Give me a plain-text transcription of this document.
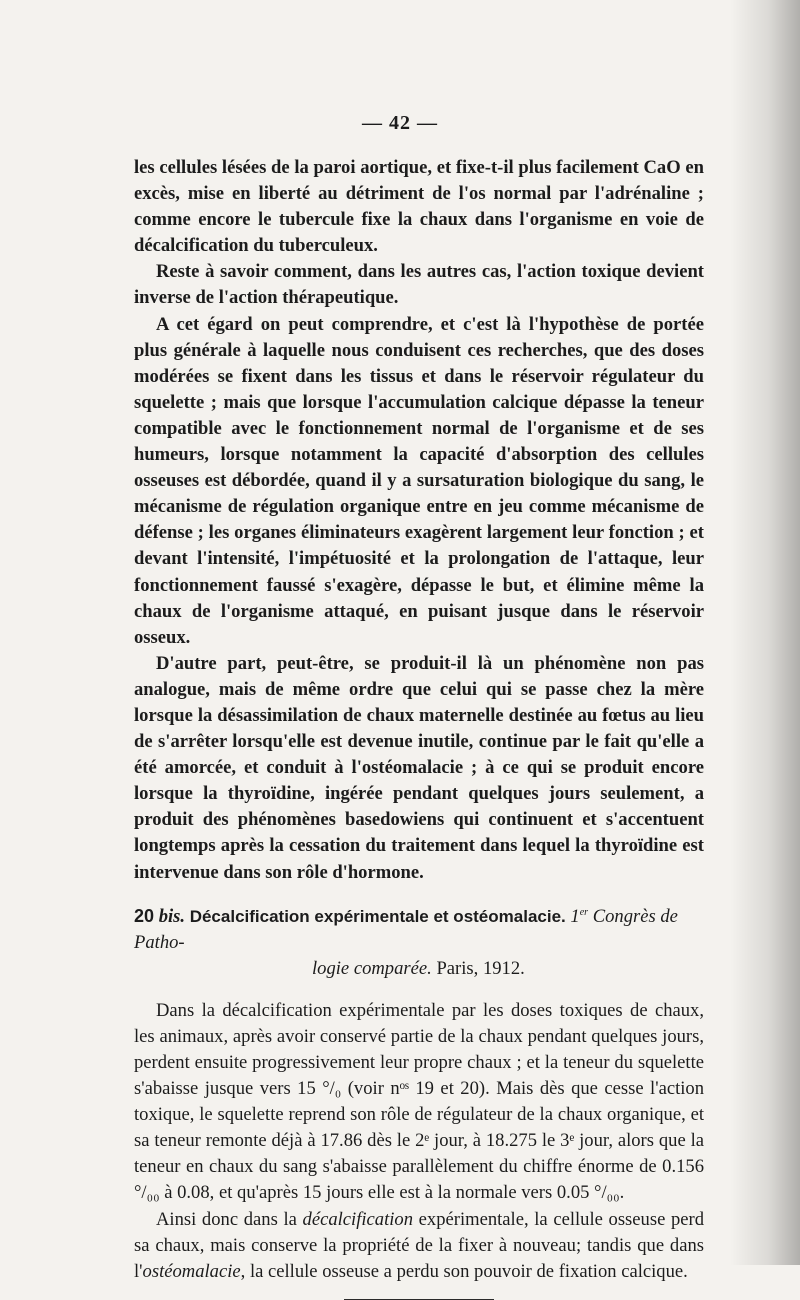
— 42 —

les cellules lésées de la paroi aortique, et fixe-t-il plus facilement CaO en excès, mise en liberté au détriment de l'os normal par l'adrénaline ; comme encore le tubercule fixe la chaux dans l'organisme en voie de décalcification du tuberculeux.

Reste à savoir comment, dans les autres cas, l'action toxique devient inverse de l'action thérapeutique.

A cet égard on peut comprendre, et c'est là l'hypothèse de portée plus générale à laquelle nous conduisent ces recherches, que des doses modérées se fixent dans les tissus et dans le réservoir régulateur du squelette ; mais que lorsque l'accumulation calcique dépasse la teneur compatible avec le fonctionnement normal de l'organisme et de ses humeurs, lorsque notamment la capacité d'absorption des cellules osseuses est débordée, quand il y a sursaturation biologique du sang, le mécanisme de régulation organique entre en jeu comme mécanisme de défense ; les organes éliminateurs exagèrent largement leur fonction ; et devant l'intensité, l'impétuosité et la prolongation de l'attaque, leur fonctionnement faussé s'exagère, dépasse le but, et élimine même la chaux de l'organisme attaqué, en puisant jusque dans le réservoir osseux.

D'autre part, peut-être, se produit-il là un phénomène non pas analogue, mais de même ordre que celui qui se passe chez la mère lorsque la désassimilation de chaux maternelle destinée au fœtus au lieu de s'arrêter lorsqu'elle est devenue inutile, continue par le fait qu'elle a été amorcée, et conduit à l'ostéomalacie ; à ce qui se produit encore lorsque la thyroïdine, ingérée pendant quelques jours seulement, a produit des phénomènes basedowiens qui continuent et s'accentuent longtemps après la cessation du traitement dans lequel la thyroïdine est intervenue dans son rôle d'hormone.

20 bis. Décalcification expérimentale et ostéomalacie. 1er Congrès de Patho-
logie comparée. Paris, 1912.

Dans la décalcification expérimentale par les doses toxiques de chaux, les animaux, après avoir conservé partie de la chaux pendant quelques jours, perdent ensuite progressivement leur propre chaux ; et la teneur du squelette s'abaisse jusque vers 15 °/₀ (voir nᵒˢ 19 et 20). Mais dès que cesse l'action toxique, le squelette reprend son rôle de régulateur de la chaux organique, et sa teneur remonte déjà à 17.86 dès le 2ᵉ jour, à 18.275 le 3ᵉ jour, alors que la teneur en chaux du sang s'abaisse parallèlement du chiffre énorme de 0.156 °/₀₀ à 0.08, et qu'après 15 jours elle est à la normale vers 0.05 °/₀₀.

Ainsi donc dans la décalcification expérimentale, la cellule osseuse perd sa chaux, mais conserve la propriété de la fixer à nouveau; tandis que dans l'ostéomalacie, la cellule osseuse a perdu son pouvoir de fixation calcique.
